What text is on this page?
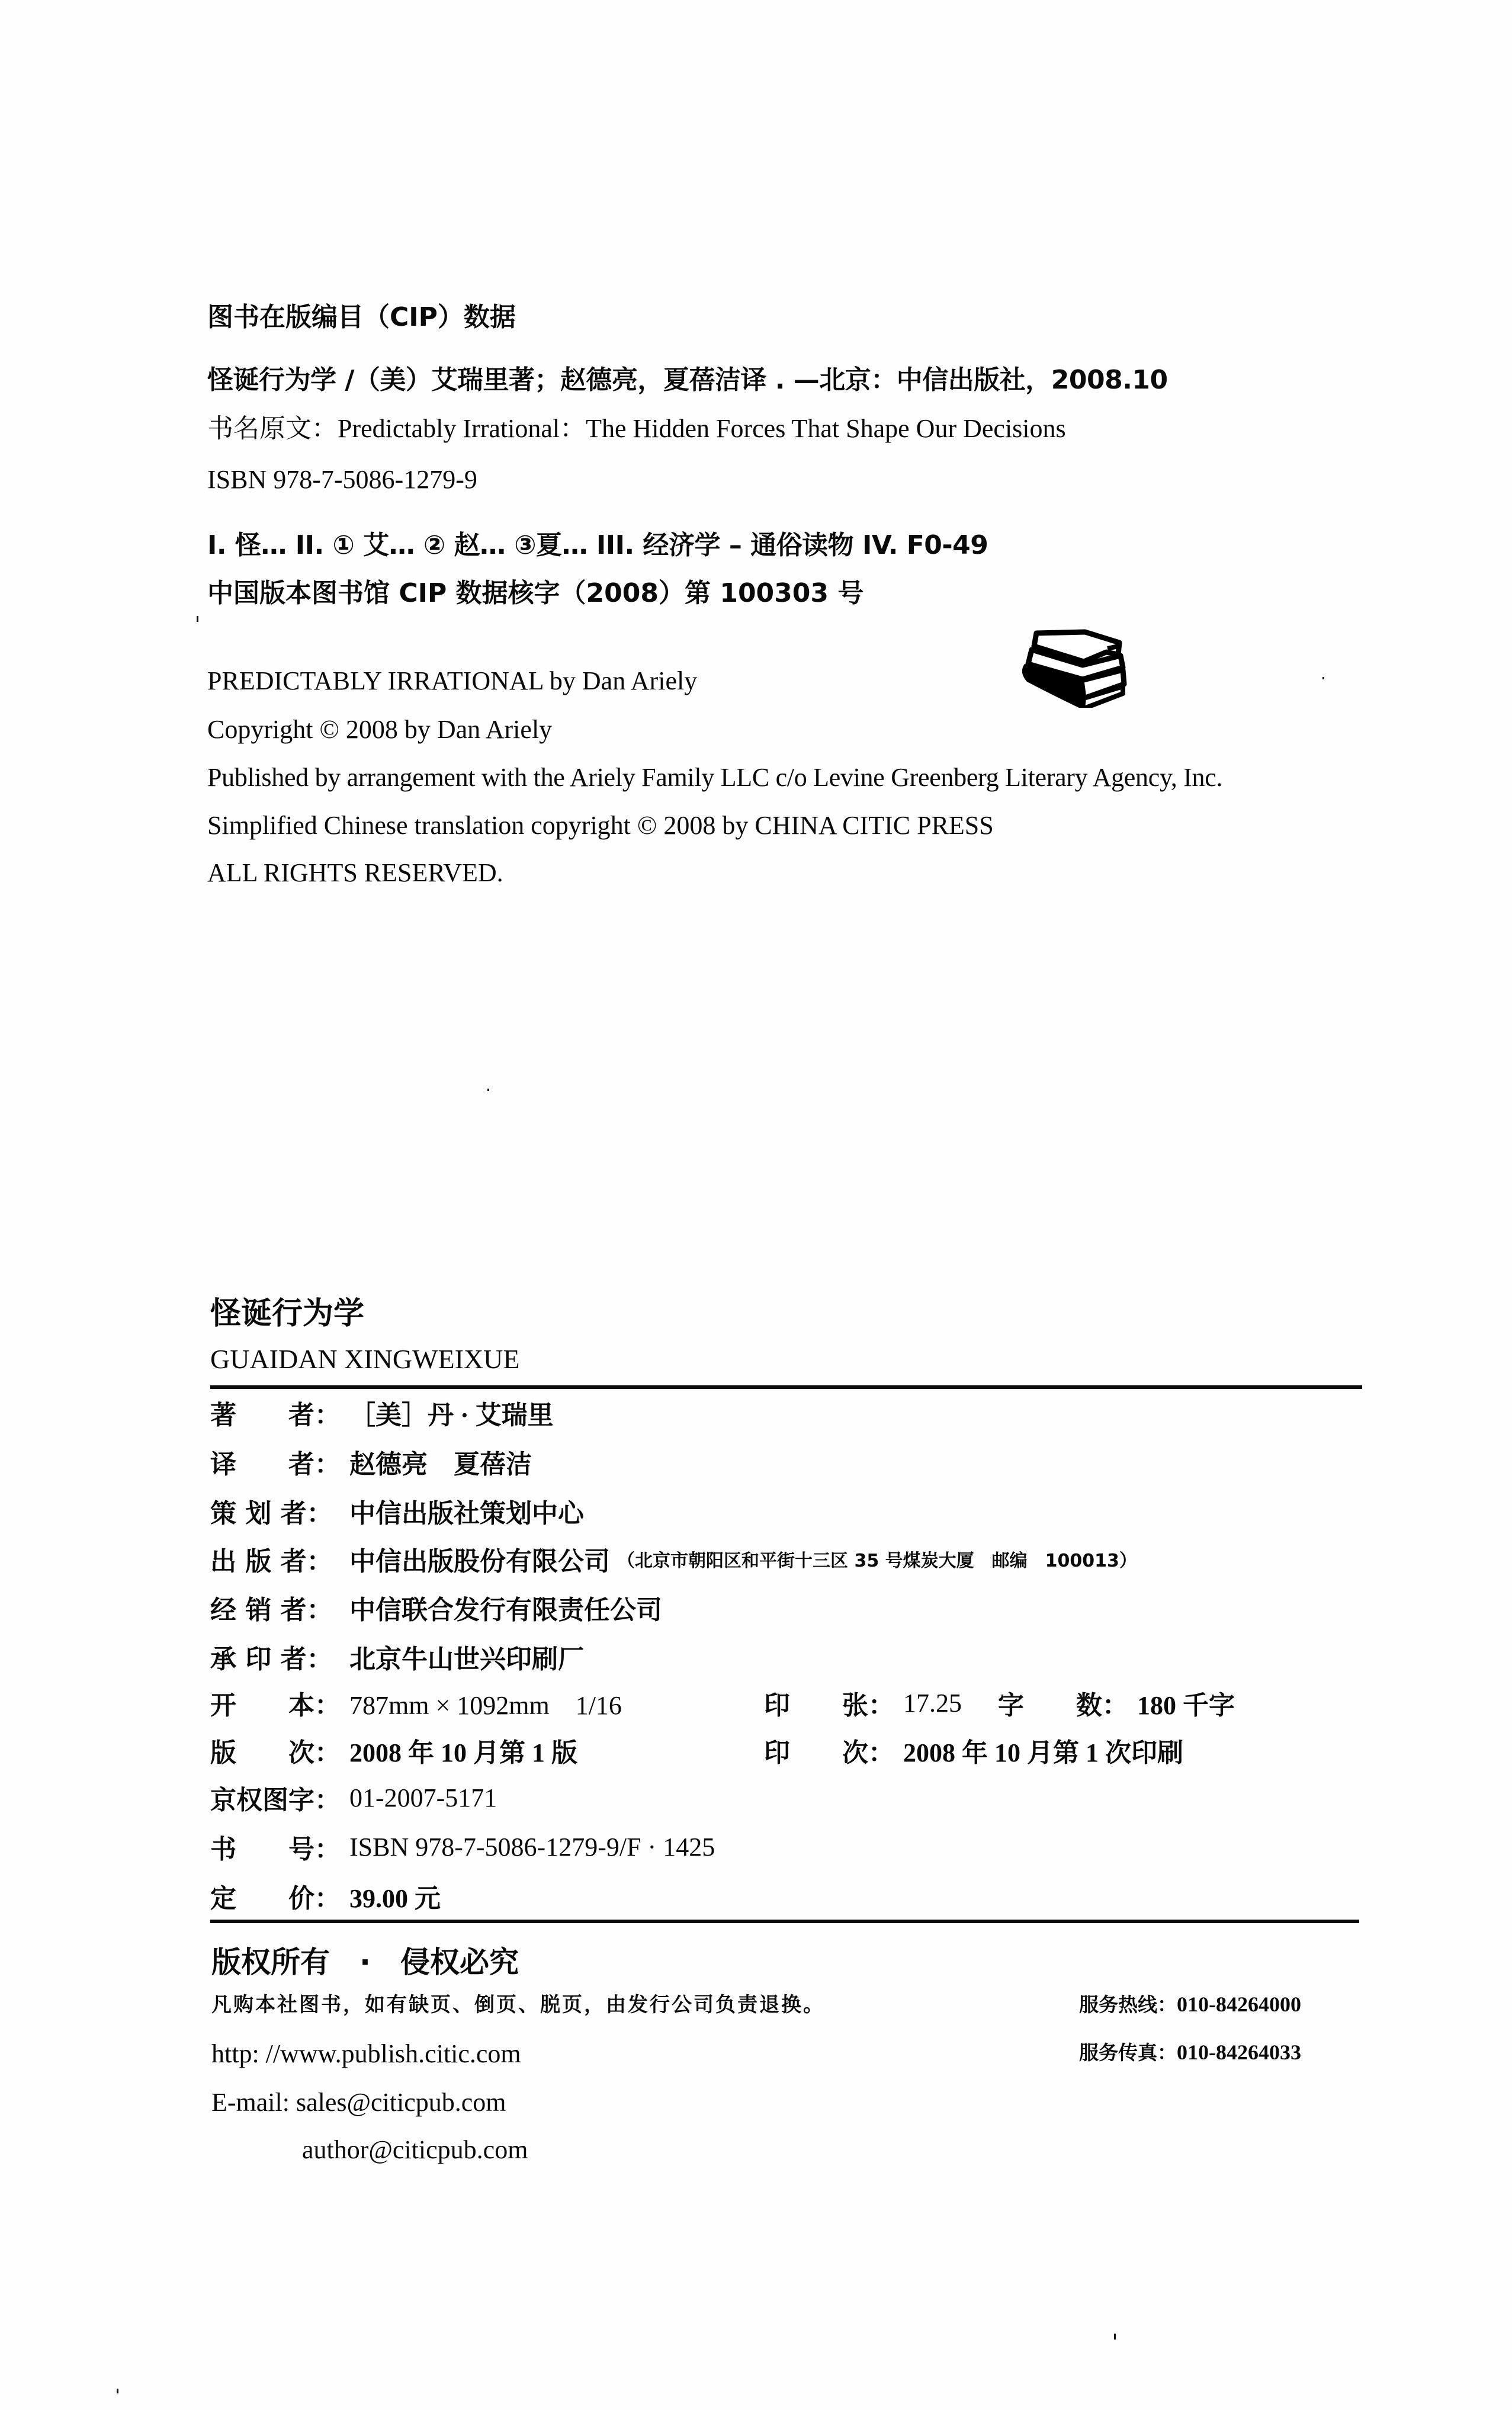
图书在版编目（CIP）数据
怪诞行为学 /（美）艾瑞里著；赵德亮，夏蓓洁译 . —北京：中信出版社，2008.10
书名原文：Predictably Irrational：The Hidden Forces That Shape Our Decisions
ISBN 978-7-5086-1279-9
I. 怪… II. ① 艾… ② 赵… ③夏… III. 经济学 – 通俗读物 IV. F0-49
中国版本图书馆 CIP 数据核字（2008）第 100303 号
PREDICTABLY IRRATIONAL by Dan Ariely
Copyright © 2008 by Dan Ariely
Published by arrangement with the Ariely Family LLC c/o Levine Greenberg Literary Agency, Inc.
Simplified Chinese translation copyright © 2008 by CHINA CITIC PRESS
ALL RIGHTS RESERVED.
怪诞行为学
GUAIDAN XINGWEIXUE
著　　者： ［美］丹 · 艾瑞里
译　　者： 赵德亮　夏蓓洁
策 划 者： 中信出版社策划中心
出 版 者： 中信出版股份有限公司 （北京市朝阳区和平街十三区 35 号煤炭大厦　邮编　100013）
经 销 者： 中信联合发行有限责任公司
承 印 者： 北京牛山世兴印刷厂
开　　本： 787mm × 1092mm　1/16	印　　张： 17.25	字　　数： 180 千字
版　　次： 2008 年 10 月第 1 版	印　　次： 2008 年 10 月第 1 次印刷
京权图字： 01-2007-5171
书　　号： ISBN 978-7-5086-1279-9/F · 1425
定　　价： 39.00 元
版权所有　·　侵权必究
凡购本社图书，如有缺页、倒页、脱页，由发行公司负责退换。	服务热线：010-84264000
服务传真：010-84264033
http: //www.publish.citic.com
E-mail: sales@citicpub.com
author@citicpub.com
